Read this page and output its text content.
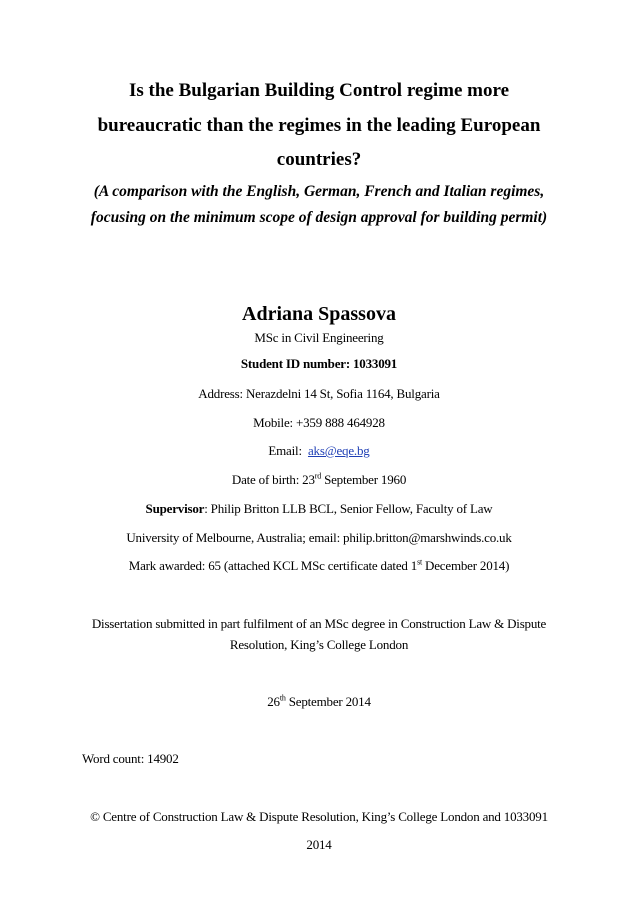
Is the Bulgarian Building Control regime more
bureaucratic than the regimes in the leading European
countries?
(A comparison with the English, German, French and Italian regimes,
focusing on the minimum scope of design approval for building permit)
Adriana Spassova
MSc in Civil Engineering
Student ID number: 1033091
Address: Nerazdelni 14 St, Sofia 1164, Bulgaria
Mobile: +359 888 464928
Email: aks@eqe.bg
Date of birth: 23rd September 1960
Supervisor: Philip Britton LLB BCL, Senior Fellow, Faculty of Law
University of Melbourne, Australia; email: philip.britton@marshwinds.co.uk
Mark awarded: 65 (attached KCL MSc certificate dated 1st December 2014)
Dissertation submitted in part fulfilment of an MSc degree in Construction Law & Dispute
Resolution, King’s College London
26th September 2014
Word count: 14902
© Centre of Construction Law & Dispute Resolution, King’s College London and 1033091
2014
